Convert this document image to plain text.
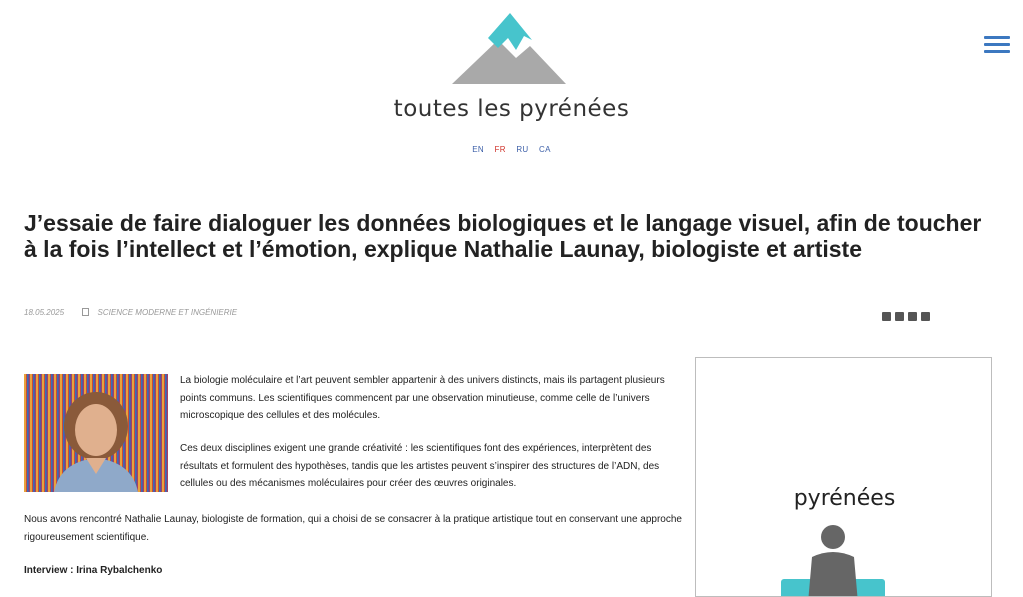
toutes les pyrénées
EN FR RU CA
J’essaie de faire dialoguer les données biologiques et le langage visuel, afin de toucher à la fois l’intellect et l’émotion, explique Nathalie Launay, biologiste et artiste
18.05.2025	SCIENCE MODERNE ET INGÉNIERIE

La biologie moléculaire et l’art peuvent sembler appartenir à des univers distincts, mais ils partagent plusieurs points communs. Les scientifiques commencent par une observation minutieuse, comme celle de l’univers microscopique des cellules et des molécules.

Ces deux disciplines exigent une grande créativité : les scientifiques font des expériences, interprètent des résultats et formulent des hypothèses, tandis que les artistes peuvent s’inspirer des structures de l’ADN, des cellules ou des mécanismes moléculaires pour créer des œuvres originales.

Nous avons rencontré Nathalie Launay, biologiste de formation, qui a choisi de se consacrer à la pratique artistique tout en conservant une approche rigoureusement scientifique.

Interview : Irina Rybalchenko

pyrénées
